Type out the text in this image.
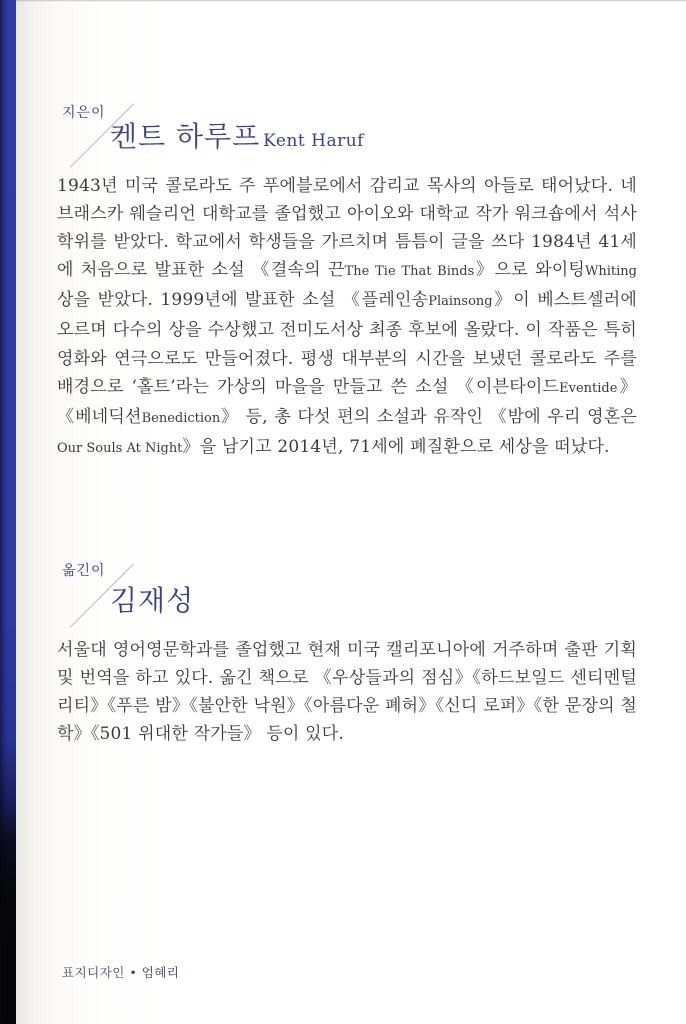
지은이
켄트 하루프 Kent Haruf
1943년 미국 콜로라도 주 푸에블로에서 감리교 목사의 아들로 태어났다. 네브래스카 웨슬리언 대학교를 졸업했고 아이오와 대학교 작가 워크숍에서 석사 학위를 받았다. 학교에서 학생들을 가르치며 틈틈이 글을 쓰다 1984년 41세에 처음으로 발표한 소설 《결속의 끈The Tie That Binds》으로 와이팅Whiting 상을 받았다. 1999년에 발표한 소설 《플레인송Plainsong》이 베스트셀러에 오르며 다수의 상을 수상했고 전미도서상 최종 후보에 올랐다. 이 작품은 특히 영화와 연극으로도 만들어졌다. 평생 대부분의 시간을 보냈던 콜로라도 주를 배경으로 ‘홀트’라는 가상의 마을을 만들고 쓴 소설 《이븐타이드Eventide》 《베네딕션Benediction》 등, 총 다섯 편의 소설과 유작인 《밤에 우리 영혼은Our Souls At Night》을 남기고 2014년, 71세에 폐질환으로 세상을 떠났다.
옮긴이
김재성
서울대 영어영문학과를 졸업했고 현재 미국 캘리포니아에 거주하며 출판 기획 및 번역을 하고 있다. 옮긴 책으로 《우상들과의 점심》《하드보일드 센티멘털리티》《푸른 밤》《불안한 낙원》《아름다운 폐허》《신디 로퍼》《한 문장의 철학》《501 위대한 작가들》 등이 있다.
표지디자인 • 엄혜리
